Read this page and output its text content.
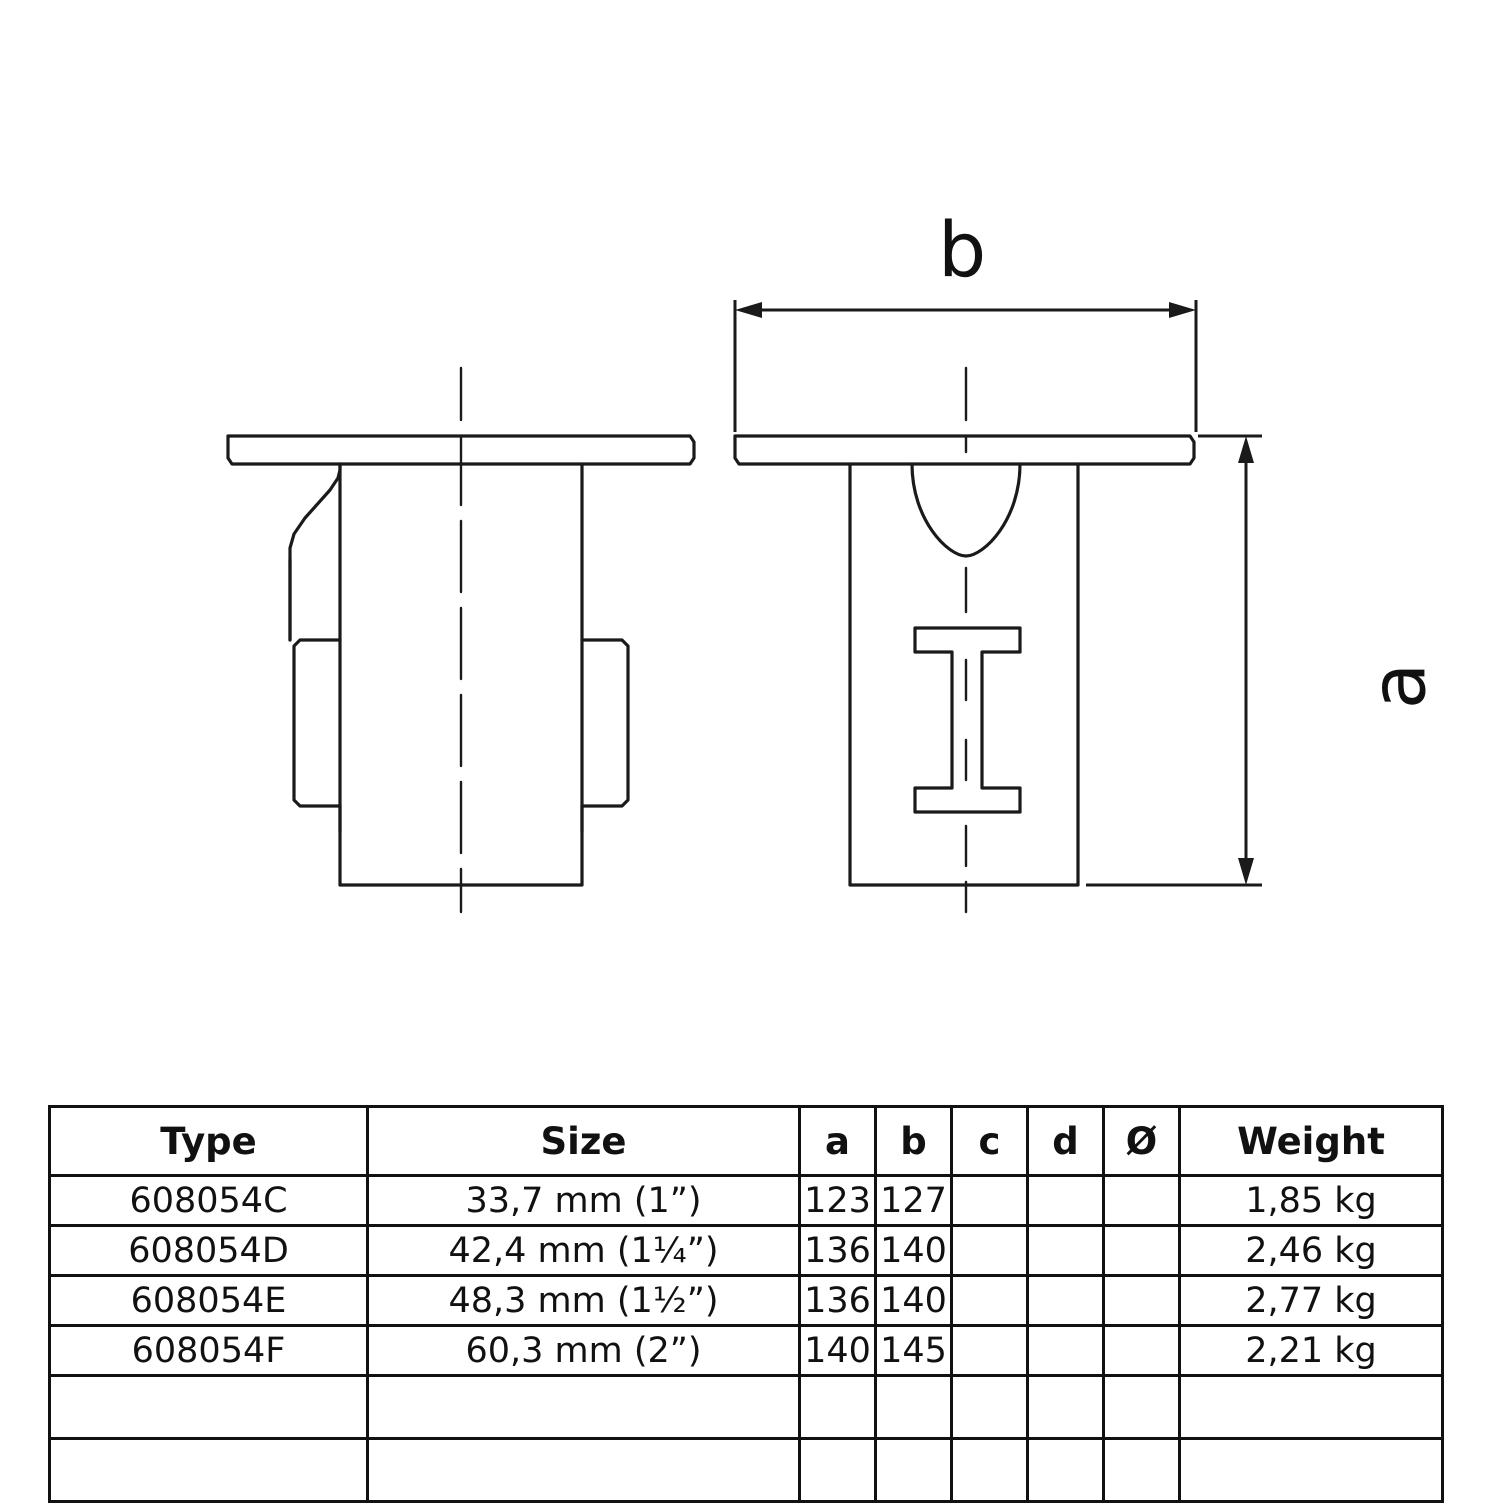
b
a
Type	Size	a	b	c	d	Ø	Weight
608054C	33,7 mm (1”)	123	127				1,85 kg
608054D	42,4 mm (1¼”)	136	140				2,46 kg
608054E	48,3 mm (1½”)	136	140				2,77 kg
608054F	60,3 mm (2”)	140	145				2,21 kg
